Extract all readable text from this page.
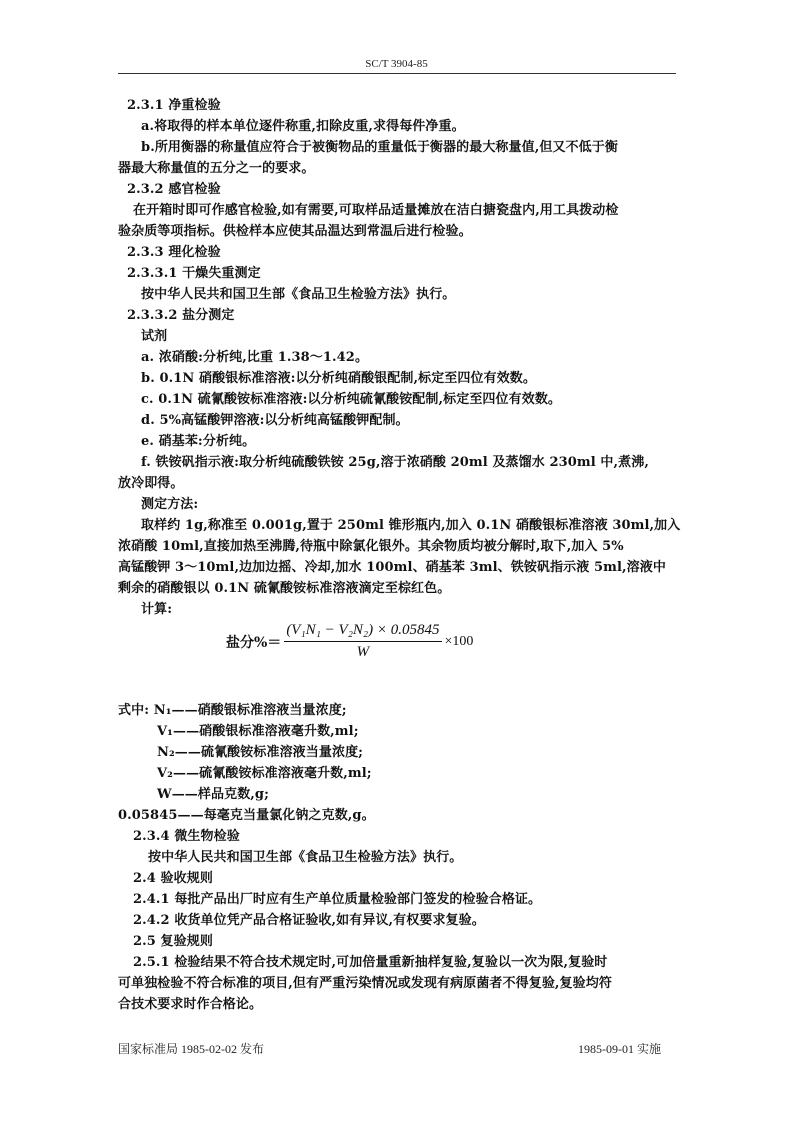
SC/T 3904-85
2.3.1 净重检验
a.将取得的样本单位逐件称重,扣除皮重,求得每件净重。
b.所用衡器的称量值应符合于被衡物品的重量低于衡器的最大称量值,但又不低于衡
器最大称量值的五分之一的要求。
2.3.2 感官检验
在开箱时即可作感官检验,如有需要,可取样品适量摊放在洁白搪瓷盘内,用工具拨动检
验杂质等项指标。供检样本应使其品温达到常温后进行检验。
2.3.3 理化检验
2.3.3.1 干燥失重测定
按中华人民共和国卫生部《食品卫生检验方法》执行。
2.3.3.2 盐分测定
试剂
a. 浓硝酸:分析纯,比重 1.38～1.42。
b. 0.1N 硝酸银标准溶液:以分析纯硝酸银配制,标定至四位有效数。
c. 0.1N 硫氰酸铵标准溶液:以分析纯硫氰酸铵配制,标定至四位有效数。
d. 5%高锰酸钾溶液:以分析纯高锰酸钾配制。
e. 硝基苯:分析纯。
f. 铁铵矾指示液:取分析纯硫酸铁铵 25g,溶于浓硝酸 20ml 及蒸馏水 230ml 中,煮沸,
放冷即得。
测定方法:
取样约 1g,称准至 0.001g,置于 250ml 锥形瓶内,加入 0.1N 硝酸银标准溶液 30ml,加入
浓硝酸 10ml,直接加热至沸腾,待瓶中除氯化银外。其余物质均被分解时,取下,加入 5%
高锰酸钾 3～10ml,边加边摇、冷却,加水 100ml、硝基苯 3ml、铁铵矾指示液 5ml,溶液中
剩余的硝酸银以 0.1N 硫氰酸铵标准溶液滴定至棕红色。
计算:
盐分%＝ $\frac{\text{(V₁N₁ − V₂N₂) × 0.05845}}{W} \times 100$
式中: N₁——硝酸银标准溶液当量浓度;
V₁——硝酸银标准溶液毫升数,ml;
N₂——硫氰酸铵标准溶液当量浓度;
V₂——硫氰酸铵标准溶液毫升数,ml;
W——样品克数,g;
0.05845——每毫克当量氯化钠之克数,g。
2.3.4 微生物检验
按中华人民共和国卫生部《食品卫生检验方法》执行。
2.4 验收规则
2.4.1 每批产品出厂时应有生产单位质量检验部门签发的检验合格证。
2.4.2 收货单位凭产品合格证验收,如有异议,有权要求复验。
2.5 复验规则
2.5.1 检验结果不符合技术规定时,可加倍量重新抽样复验,复验以一次为限,复验时
可单独检验不符合标准的项目,但有严重污染情况或发现有病原菌者不得复验,复验均符
合技术要求时作合格论。
国家标准局 1985-02-02 发布	1985-09-01 实施
